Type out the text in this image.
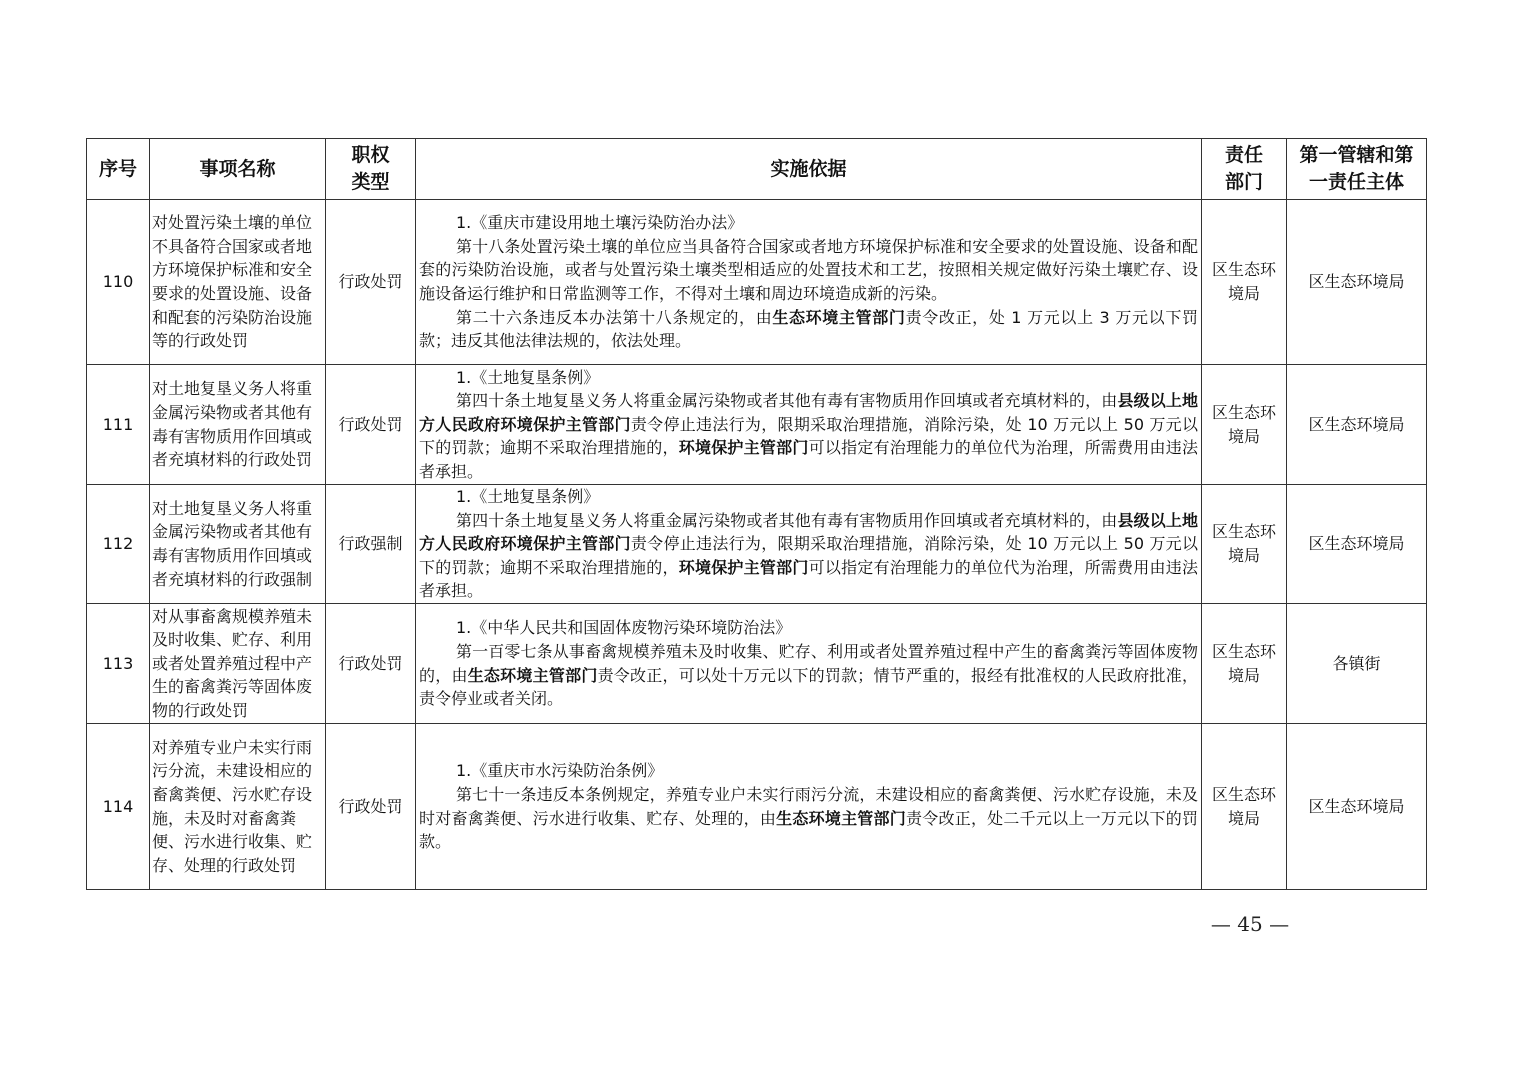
序号	事项名称	职权类型	实施依据	责任部门	第一管辖和第一责任主体

110	对处置污染土壤的单位不具备符合国家或者地方环境保护标准和安全要求的处置设施、设备和配套的污染防治设施等的行政处罚	行政处罚	1.《重庆市建设用地土壤污染防治办法》

第十八条处置污染土壤的单位应当具备符合国家或者地方环境保护标准和安全要求的处置设施、设备和配套的污染防治设施，或者与处置污染土壤类型相适应的处置技术和工艺，按照相关规定做好污染土壤贮存、设施设备运行维护和日常监测等工作，不得对土壤和周边环境造成新的污染。

第二十六条违反本办法第十八条规定的，由生态环境主管部门责令改正，处 1 万元以上 3 万元以下罚款；违反其他法律法规的，依法处理。	区生态环境局	区生态环境局
111	对土地复垦义务人将重金属污染物或者其他有毒有害物质用作回填或者充填材料的行政处罚	行政处罚	1.《土地复垦条例》

第四十条土地复垦义务人将重金属污染物或者其他有毒有害物质用作回填或者充填材料的，由县级以上地方人民政府环境保护主管部门责令停止违法行为，限期采取治理措施，消除污染，处 10 万元以上 50 万元以下的罚款；逾期不采取治理措施的，环境保护主管部门可以指定有治理能力的单位代为治理，所需费用由违法者承担。	区生态环境局	区生态环境局
112	对土地复垦义务人将重金属污染物或者其他有毒有害物质用作回填或者充填材料的行政强制	行政强制	1.《土地复垦条例》

第四十条土地复垦义务人将重金属污染物或者其他有毒有害物质用作回填或者充填材料的，由县级以上地方人民政府环境保护主管部门责令停止违法行为，限期采取治理措施，消除污染，处 10 万元以上 50 万元以下的罚款；逾期不采取治理措施的，环境保护主管部门可以指定有治理能力的单位代为治理，所需费用由违法者承担。	区生态环境局	区生态环境局
113	对从事畜禽规模养殖未及时收集、贮存、利用或者处置养殖过程中产生的畜禽粪污等固体废物的行政处罚	行政处罚	1.《中华人民共和国固体废物污染环境防治法》

第一百零七条从事畜禽规模养殖未及时收集、贮存、利用或者处置养殖过程中产生的畜禽粪污等固体废物的，由生态环境主管部门责令改正，可以处十万元以下的罚款；情节严重的，报经有批准权的人民政府批准，责令停业或者关闭。	区生态环境局	各镇街
114	对养殖专业户未实行雨污分流，未建设相应的畜禽粪便、污水贮存设施，未及时对畜禽粪便、污水进行收集、贮存、处理的行政处罚	行政处罚	1.《重庆市水污染防治条例》

第七十一条违反本条例规定，养殖专业户未实行雨污分流，未建设相应的畜禽粪便、污水贮存设施，未及时对畜禽粪便、污水进行收集、贮存、处理的，由生态环境主管部门责令改正，处二千元以上一万元以下的罚款。	区生态环境局	区生态环境局
— 45 —
